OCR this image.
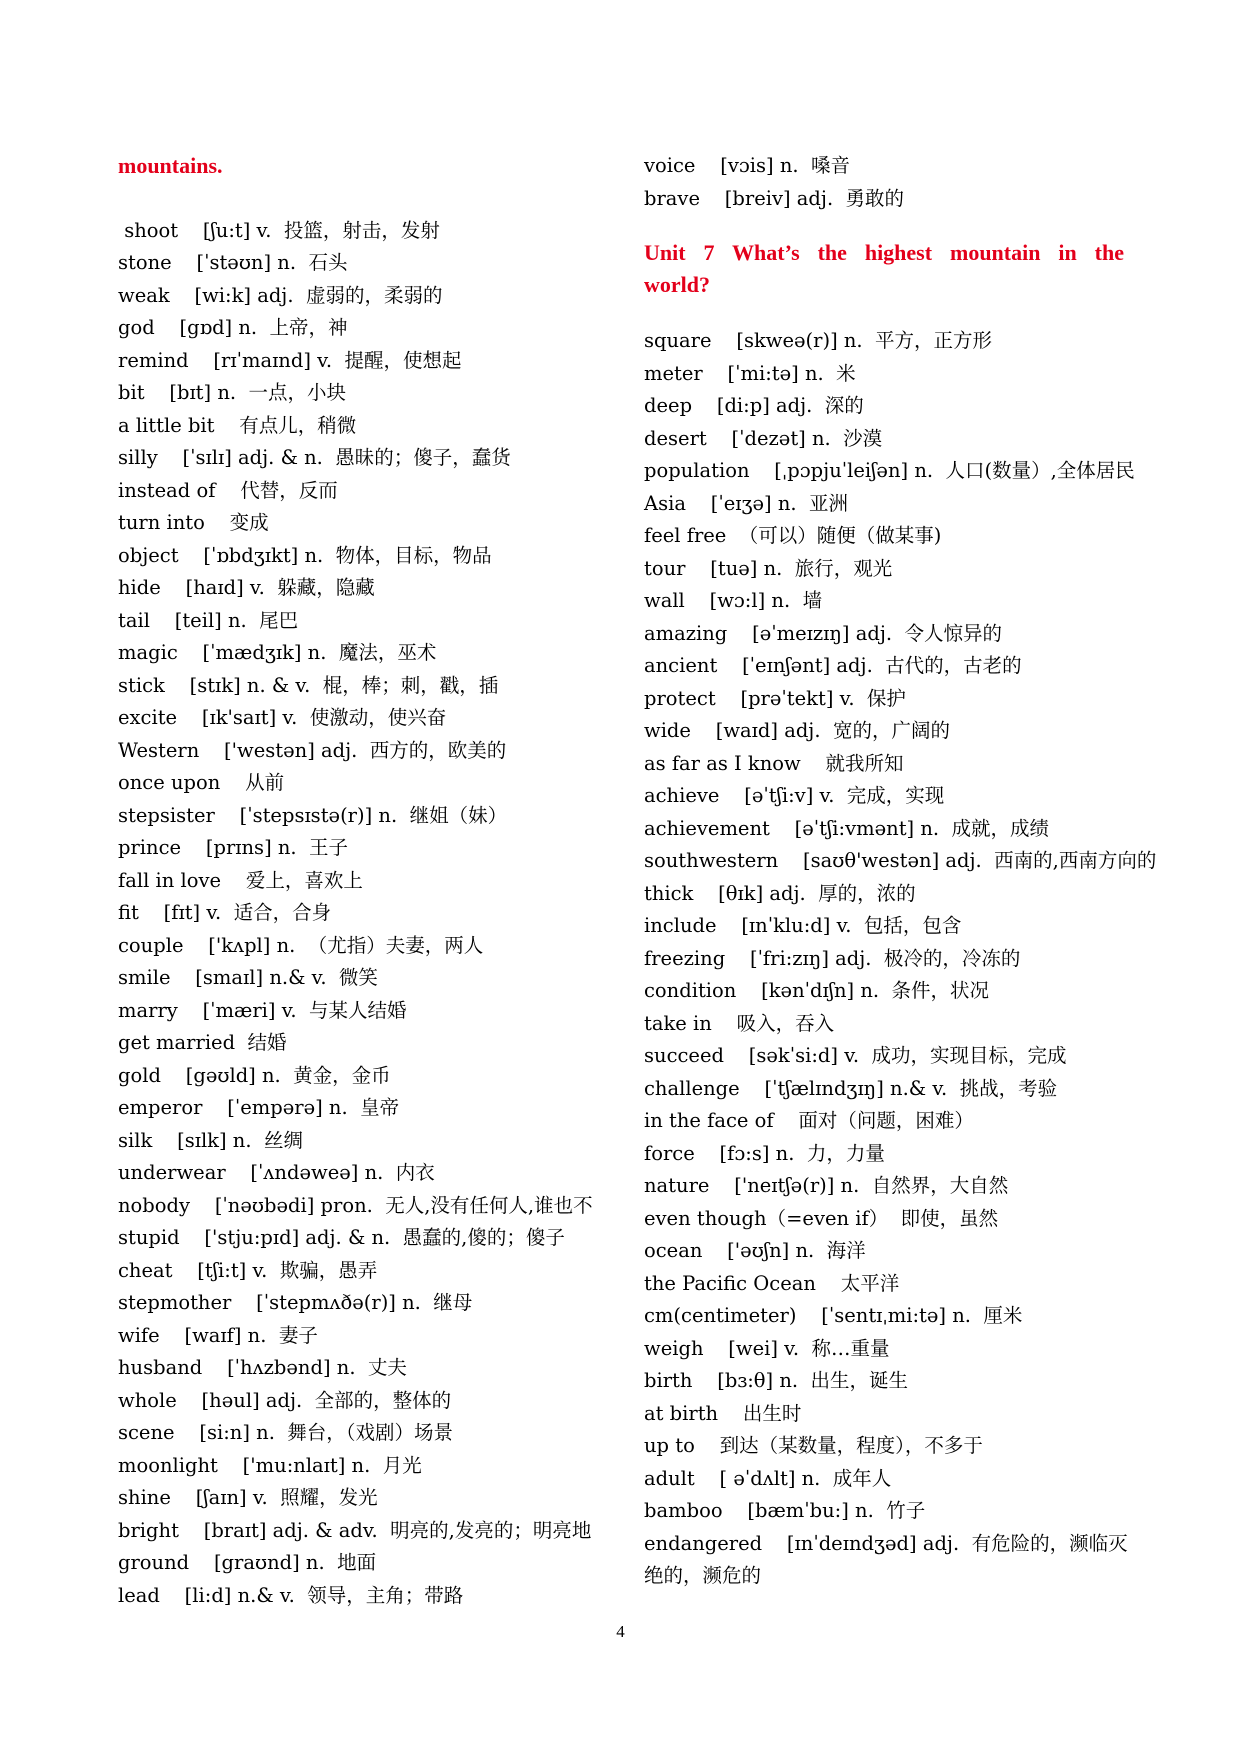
mountains.
shoot    [ʃu:t] v.  投篮，射击，发射
stone    [ˈstəʊn] n.  石头
weak    [wi:k] adj.  虚弱的，柔弱的
god    [gɒd] n.  上帝，神
remind    [rɪˈmaɪnd] v.  提醒，使想起
bit    [bɪt] n.  一点，小块
a little bit    有点儿，稍微
silly    [ˈsɪlɪ] adj. & n.  愚昧的；傻子，蠢货
instead of    代替，反而
turn into    变成
object    [ˈɒbdʒɪkt] n.  物体，目标，物品
hide    [haɪd] v.  躲藏，隐藏
tail    [teil] n.  尾巴
magic    [ˈmædʒɪk] n.  魔法，巫术
stick    [stɪk] n. & v.  棍，棒；刺，戳，插
excite    [ɪk'saɪt] v.  使激动，使兴奋
Western    ['westən] adj.  西方的，欧美的
once upon    从前
stepsister    [ˈstepsɪstə(r)] n.  继姐（妹）
prince    [prɪns] n.  王子
fall in love    爱上，喜欢上
fit    [fɪt] v.  适合，合身
couple    ['kʌpl] n.  （尤指）夫妻，两人
smile    [smaɪl] n.& v.  微笑
marry    [ˈmæri] v.  与某人结婚
get married  结婚
gold    [gəʊld] n.  黄金，金币
emperor    [ˈempərə] n.  皇帝
silk    [sɪlk] n.  丝绸
underwear    [ˈʌndəweə] n.  内衣
nobody    [ˈnəʊbədi] pron.  无人,没有任何人,谁也不
stupid    ['stju:pɪd] adj. & n.  愚蠢的,傻的；傻子
cheat    [tʃi:t] v.  欺骗，愚弄
stepmother    [ˈstepmʌðə(r)] n.  继母
wife    [waɪf] n.  妻子
husband    [ˈhʌzbənd] n.  丈夫
whole    [həul] adj.  全部的，整体的
scene    [si:n] n.  舞台，（戏剧）场景
moonlight    ['mu:nlaɪt] n.  月光
shine    [ʃaɪn] v.  照耀，发光
bright    [braɪt] adj. & adv.  明亮的,发亮的；明亮地
ground    [graʊnd] n.  地面
lead    [li:d] n.& v.  领导，主角；带路
voice    [vɔis] n.  嗓音
brave    [breiv] adj.  勇敢的
Unit 7 What’s the highest mountain in the world?
square    [skweə(r)] n.  平方，正方形
meter    [ˈmi:tə] n.  米
deep    [di:p] adj.  深的
desert    [ˈdezət] n.  沙漠
population    [ˌpɔpjuˈleiʃən] n.  人口(数量）,全体居民
Asia    [ˈeɪʒə] n.  亚洲
feel free  （可以）随便（做某事)
tour    [tuə] n.  旅行，观光
wall    [wɔ:l] n.  墙
amazing    [əˈmeɪzɪŋ] adj.  令人惊异的
ancient    [ˈeɪnʃənt] adj.  古代的，古老的
protect    [prəˈtekt] v.  保护
wide    [waɪd] adj.  宽的，广阔的
as far as I know    就我所知
achieve    [əˈtʃi:v] v.  完成，实现
achievement    [əˈtʃi:vmənt] n.  成就，成绩
southwestern    [saʊθ'westən] adj.  西南的,西南方向的
thick    [θɪk] adj.  厚的，浓的
include    [ɪnˈklu:d] v.  包括，包含
freezing    [ˈfri:zɪŋ] adj.  极冷的，冷冻的
condition    [kənˈdɪʃn] n.  条件，状况
take in    吸入，吞入
succeed    [səkˈsi:d] v.  成功，实现目标，完成
challenge    [ˈtʃælɪndʒɪŋ] n.& v.  挑战，考验
in the face of    面对（问题，困难）
force    [fɔ:s] n.  力，力量
nature    ['neɪtʃə(r)] n.  自然界，大自然
even though（=even if）  即使，虽然
ocean    ['əʊʃn] n.  海洋
the Pacific Ocean    太平洋
cm(centimeter)    [ˈsentɪˌmi:tə] n.  厘米
weigh    [wei] v.  称…重量
birth    [bɜ:θ] n.  出生，诞生
at birth    出生时
up to    到达（某数量，程度），不多于
adult    [ əˈdʌlt] n.  成年人
bamboo    [bæmˈbu:] n.  竹子
endangered    [ɪnˈdeɪndʒəd] adj.  有危险的，濒临灭绝的，濒危的
4
